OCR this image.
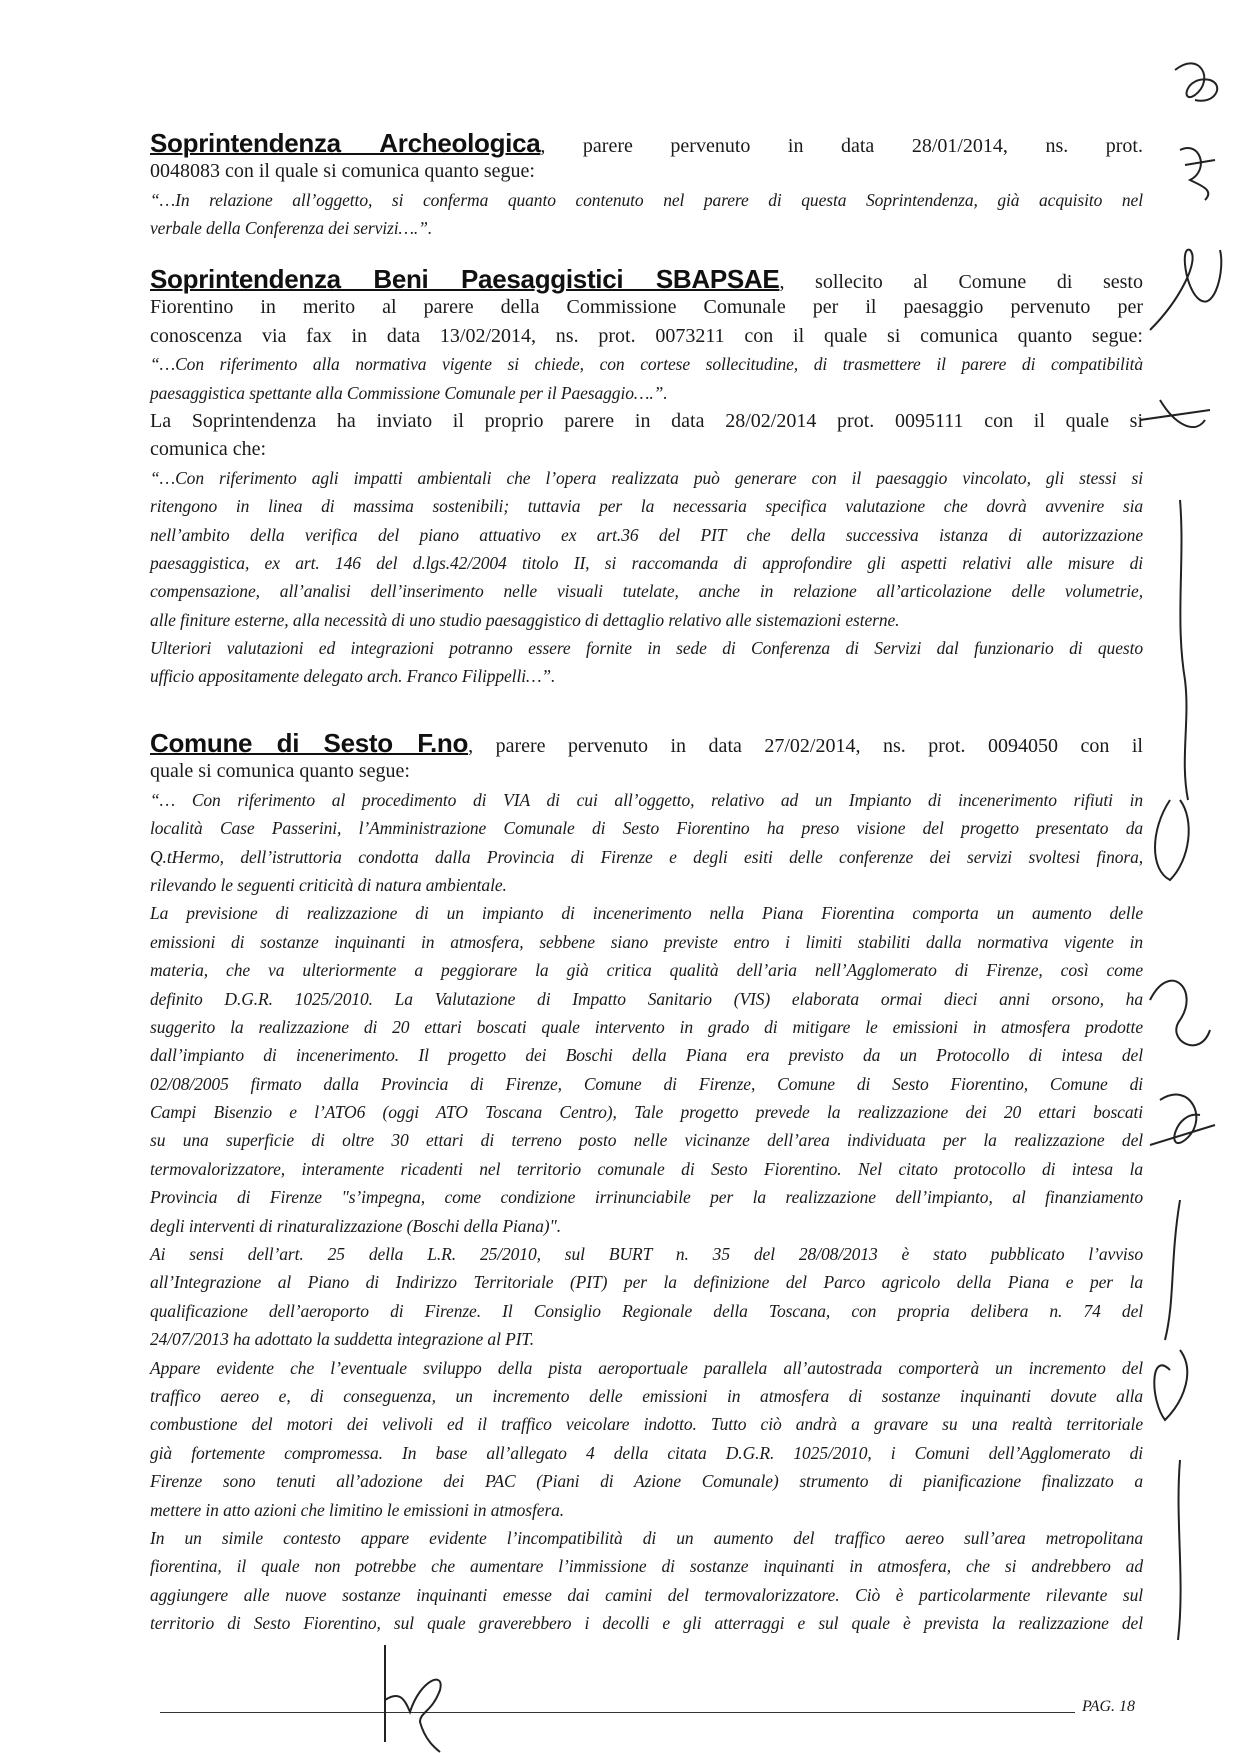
Soprintendenza Archeologica, parere pervenuto in data 28/01/2014, ns. prot.
0048083 con il quale si comunica quanto segue:
“…In relazione all’oggetto, si conferma quanto contenuto nel parere di questa Soprintendenza, già acquisito nel
verbale della Conferenza dei servizi….”.
Soprintendenza Beni Paesaggistici SBAPSAE, sollecito al Comune di sesto
Fiorentino in merito al parere della Commissione Comunale per il paesaggio pervenuto per
conoscenza via fax in data 13/02/2014, ns. prot. 0073211 con il quale si comunica quanto segue:
“…Con riferimento alla normativa vigente si chiede, con cortese sollecitudine, di trasmettere il parere di compatibilità
paesaggistica spettante alla Commissione Comunale per il Paesaggio….”.
La Soprintendenza ha inviato il proprio parere in data 28/02/2014 prot. 0095111 con il quale si
comunica che:
“…Con riferimento agli impatti ambientali che l’opera realizzata può generare con il paesaggio vincolato, gli stessi si
ritengono in linea di massima sostenibili; tuttavia per la necessaria specifica valutazione che dovrà avvenire sia
nell’ambito della verifica del piano attuativo ex art.36 del PIT che della successiva istanza di autorizzazione
paesaggistica, ex art. 146 del d.lgs.42/2004 titolo II, si raccomanda di approfondire gli aspetti relativi alle misure di
compensazione, all’analisi dell’inserimento nelle visuali tutelate, anche in relazione all’articolazione delle volumetrie,
alle finiture esterne, alla necessità di uno studio paesaggistico di dettaglio relativo alle sistemazioni esterne.
Ulteriori valutazioni ed integrazioni potranno essere fornite in sede di Conferenza di Servizi dal funzionario di questo
ufficio appositamente delegato arch. Franco Filippelli…”.
Comune di Sesto F.no, parere pervenuto in data 27/02/2014, ns. prot. 0094050 con il
quale si comunica quanto segue:
“… Con riferimento al procedimento di VIA di cui all’oggetto, relativo ad un Impianto di incenerimento rifiuti in
località Case Passerini, l’Amministrazione Comunale di Sesto Fiorentino ha preso visione del progetto presentato da
Q.tHermo, dell’istruttoria condotta dalla Provincia di Firenze e degli esiti delle conferenze dei servizi svoltesi finora,
rilevando le seguenti criticità di natura ambientale.
La previsione di realizzazione di un impianto di incenerimento nella Piana Fiorentina comporta un aumento delle
emissioni di sostanze inquinanti in atmosfera, sebbene siano previste entro i limiti stabiliti dalla normativa vigente in
materia, che va ulteriormente a peggiorare la già critica qualità dell’aria nell’Agglomerato di Firenze, così come
definito D.G.R. 1025/2010. La Valutazione di Impatto Sanitario (VIS) elaborata ormai dieci anni orsono, ha
suggerito la realizzazione di 20 ettari boscati quale intervento in grado di mitigare le emissioni in atmosfera prodotte
dall’impianto di incenerimento. Il progetto dei Boschi della Piana era previsto da un Protocollo di intesa del
02/08/2005 firmato dalla Provincia di Firenze, Comune di Firenze, Comune di Sesto Fiorentino, Comune di
Campi Bisenzio e l’ATO6 (oggi ATO Toscana Centro), Tale progetto prevede la realizzazione dei 20 ettari boscati
su una superficie di oltre 30 ettari di terreno posto nelle vicinanze dell’area individuata per la realizzazione del
termovalorizzatore, interamente ricadenti nel territorio comunale di Sesto Fiorentino. Nel citato protocollo di intesa la
Provincia di Firenze "s’impegna, come condizione irrinunciabile per la realizzazione dell’impianto, al finanziamento
degli interventi di rinaturalizzazione (Boschi della Piana)".
Ai sensi dell’art. 25 della L.R. 25/2010, sul BURT n. 35 del 28/08/2013 è stato pubblicato l’avviso
all’Integrazione al Piano di Indirizzo Territoriale (PIT) per la definizione del Parco agricolo della Piana e per la
qualificazione dell’aeroporto di Firenze. Il Consiglio Regionale della Toscana, con propria delibera n. 74 del
24/07/2013 ha adottato la suddetta integrazione al PIT.
Appare evidente che l’eventuale sviluppo della pista aeroportuale parallela all’autostrada comporterà un incremento del
traffico aereo e, di conseguenza, un incremento delle emissioni in atmosfera di sostanze inquinanti dovute alla
combustione del motori dei velivoli ed il traffico veicolare indotto. Tutto ciò andrà a gravare su una realtà territoriale
già fortemente compromessa. In base all’allegato 4 della citata D.G.R. 1025/2010, i Comuni dell’Agglomerato di
Firenze sono tenuti all’adozione dei PAC (Piani di Azione Comunale) strumento di pianificazione finalizzato a
mettere in atto azioni che limitino le emissioni in atmosfera.
In un simile contesto appare evidente l’incompatibilità di un aumento del traffico aereo sull’area metropolitana
fiorentina, il quale non potrebbe che aumentare l’immissione di sostanze inquinanti in atmosfera, che si andrebbero ad
aggiungere alle nuove sostanze inquinanti emesse dai camini del termovalorizzatore. Ciò è particolarmente rilevante sul
territorio di Sesto Fiorentino, sul quale graverebbero i decolli e gli atterraggi e sul quale è prevista la realizzazione del
PAG. 18
